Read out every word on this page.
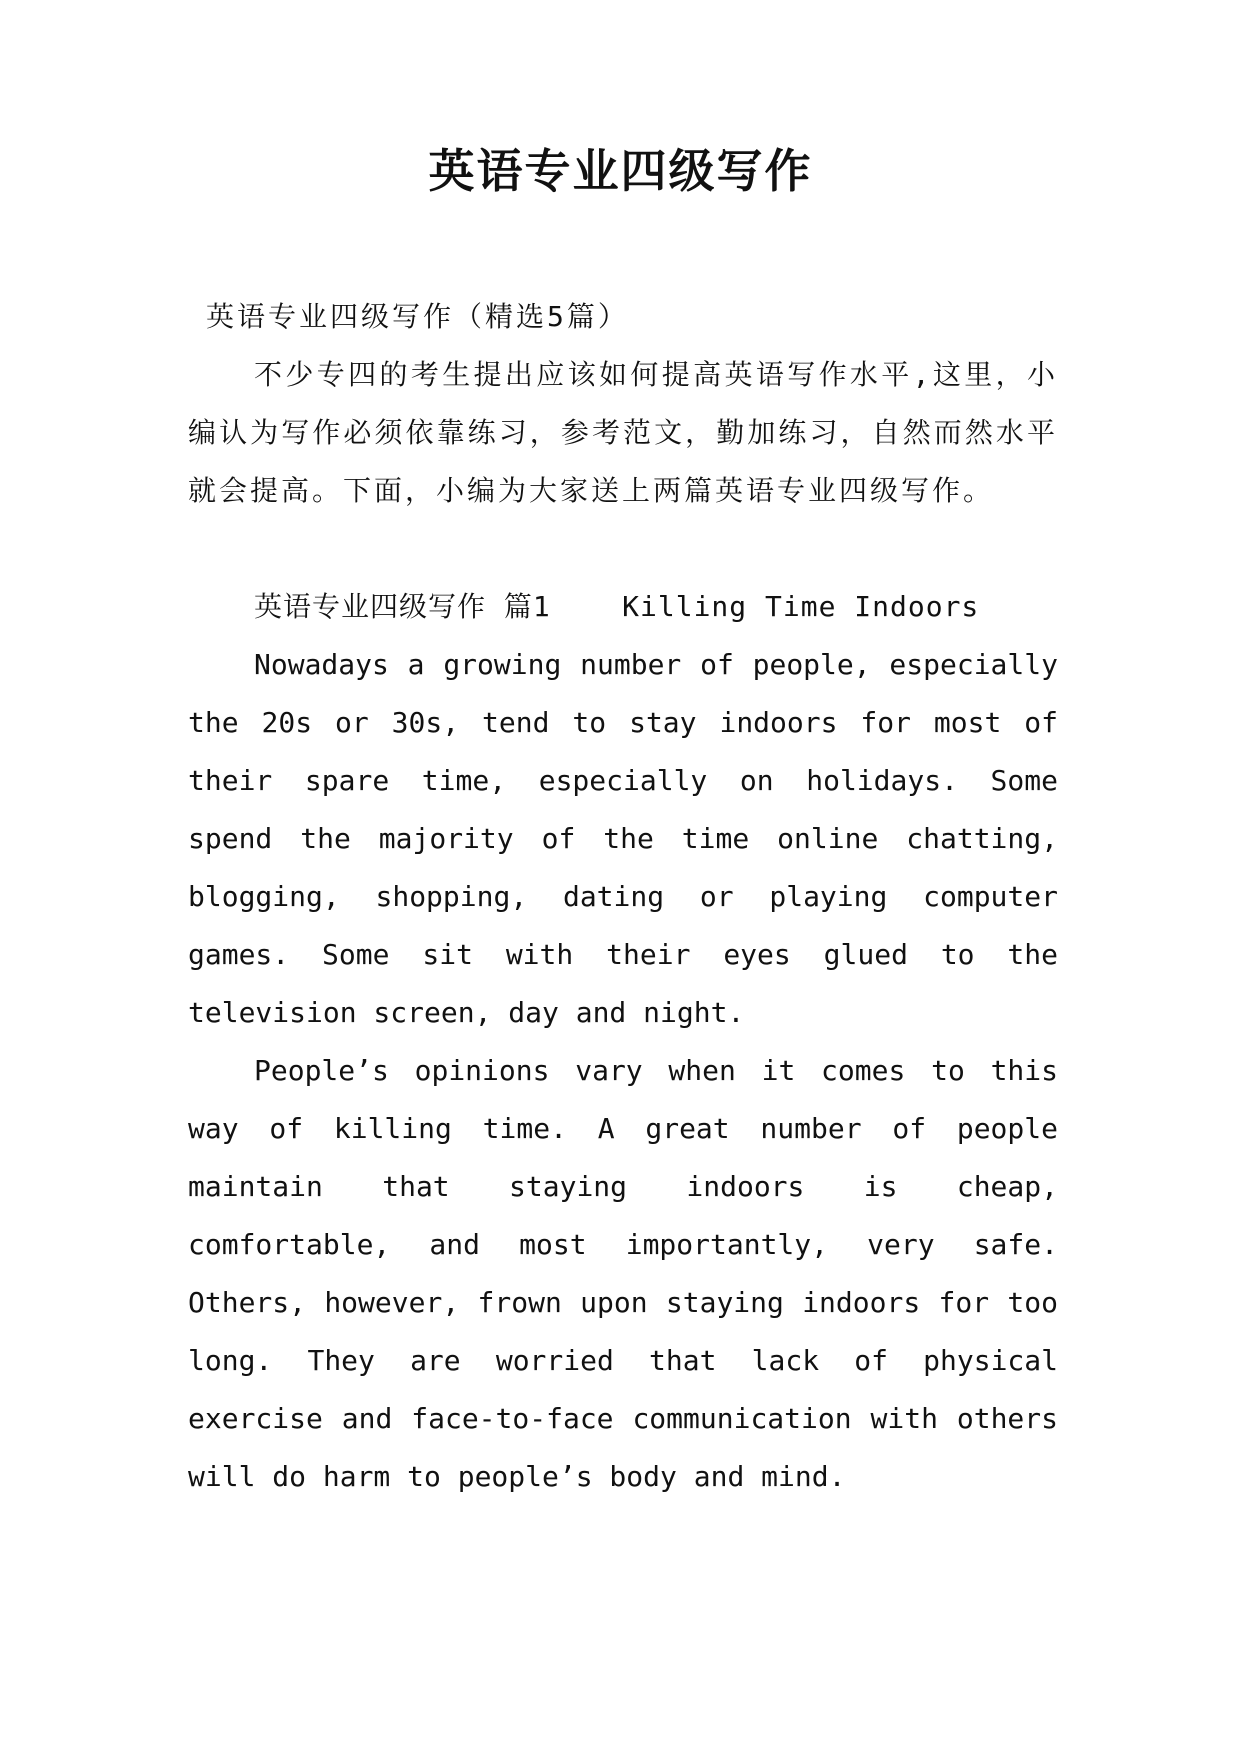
英语专业四级写作

英语专业四级写作（精选5篇）

不少专四的考生提出应该如何提高英语写作水平,这里，小编认为写作必须依靠练习，参考范文，勤加练习，自然而然水平就会提高。下面，小编为大家送上两篇英语专业四级写作。

英语专业四级写作 篇1    Killing Time Indoors

Nowadays a growing number of people, especially the 20s or 30s, tend to stay indoors for most of their spare time, especially on holidays. Some spend the majority of the time online chatting, blogging, shopping, dating or playing computer games. Some sit with their eyes glued to the television screen, day and night.

People’s opinions vary when it comes to this way of killing time. A great number of people maintain that staying indoors is cheap, comfortable, and most importantly, very safe. Others, however, frown upon staying indoors for too long. They are worried that lack of physical exercise and face-to-face communication with others will do harm to people’s body and mind.
